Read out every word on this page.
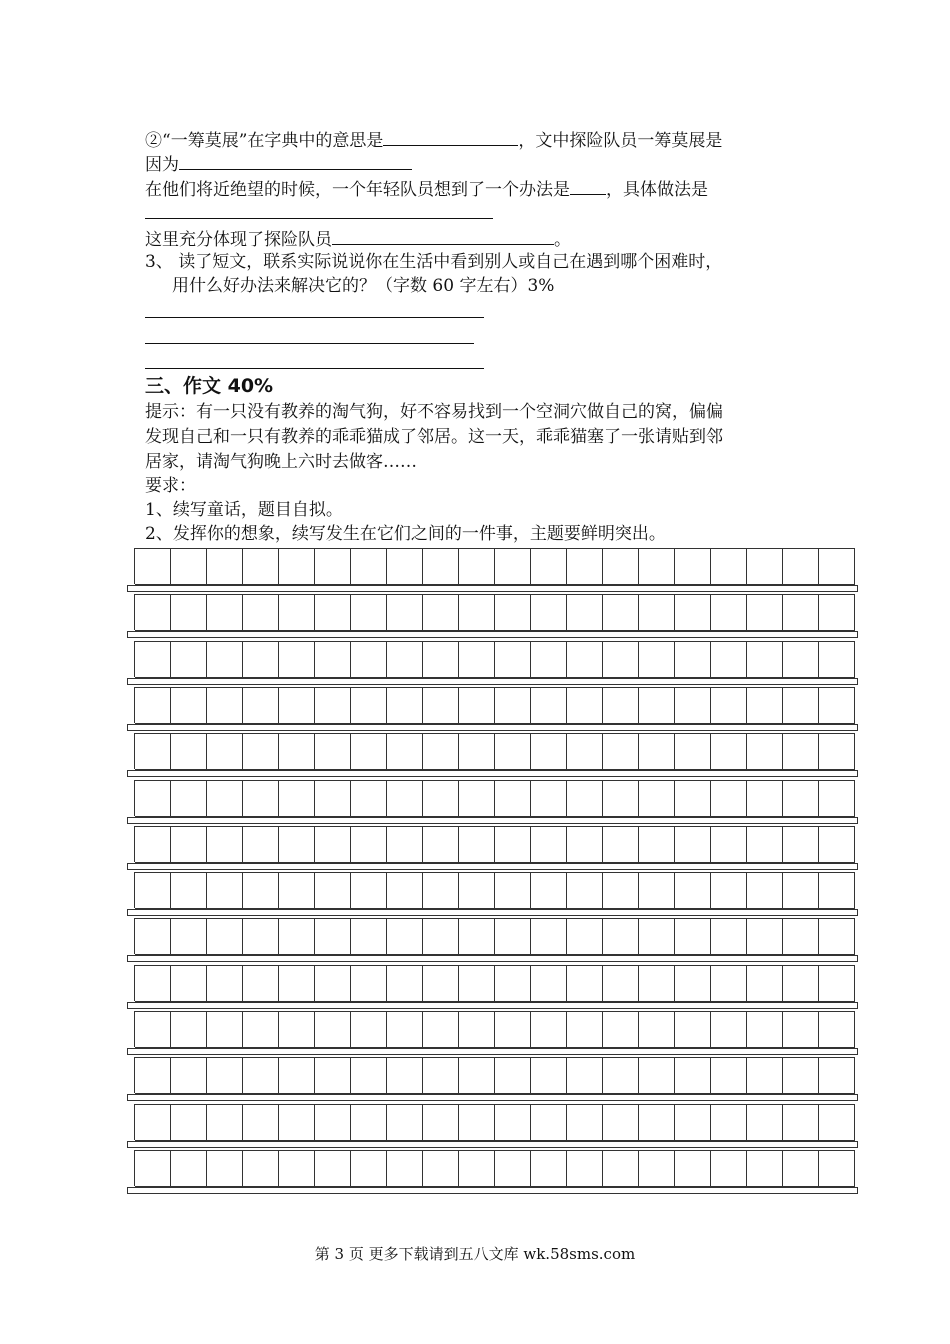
②“一筹莫展”在字典中的意思是	，文中探险队员一筹莫展是
因为
在他们将近绝望的时候，一个年轻队员想到了一个办法是 ，具体做法是
这里充分体现了探险队员	。
3、 读了短文，联系实际说说你在生活中看到别人或自己在遇到哪个困难时，
用什么好办法来解决它的？（字数 60 字左右）3%
三、作文 40%
提示：有一只没有教养的淘气狗，好不容易找到一个空洞穴做自己的窝，偏偏
发现自己和一只有教养的乖乖猫成了邻居。这一天，乖乖猫塞了一张请贴到邻
居家，请淘气狗晚上六时去做客……
要求：
1、续写童话，题目自拟。
2、发挥你的想象，续写发生在它们之间的一件事，主题要鲜明突出。
第 3 页 更多下载请到五八文库 wk.58sms.com
